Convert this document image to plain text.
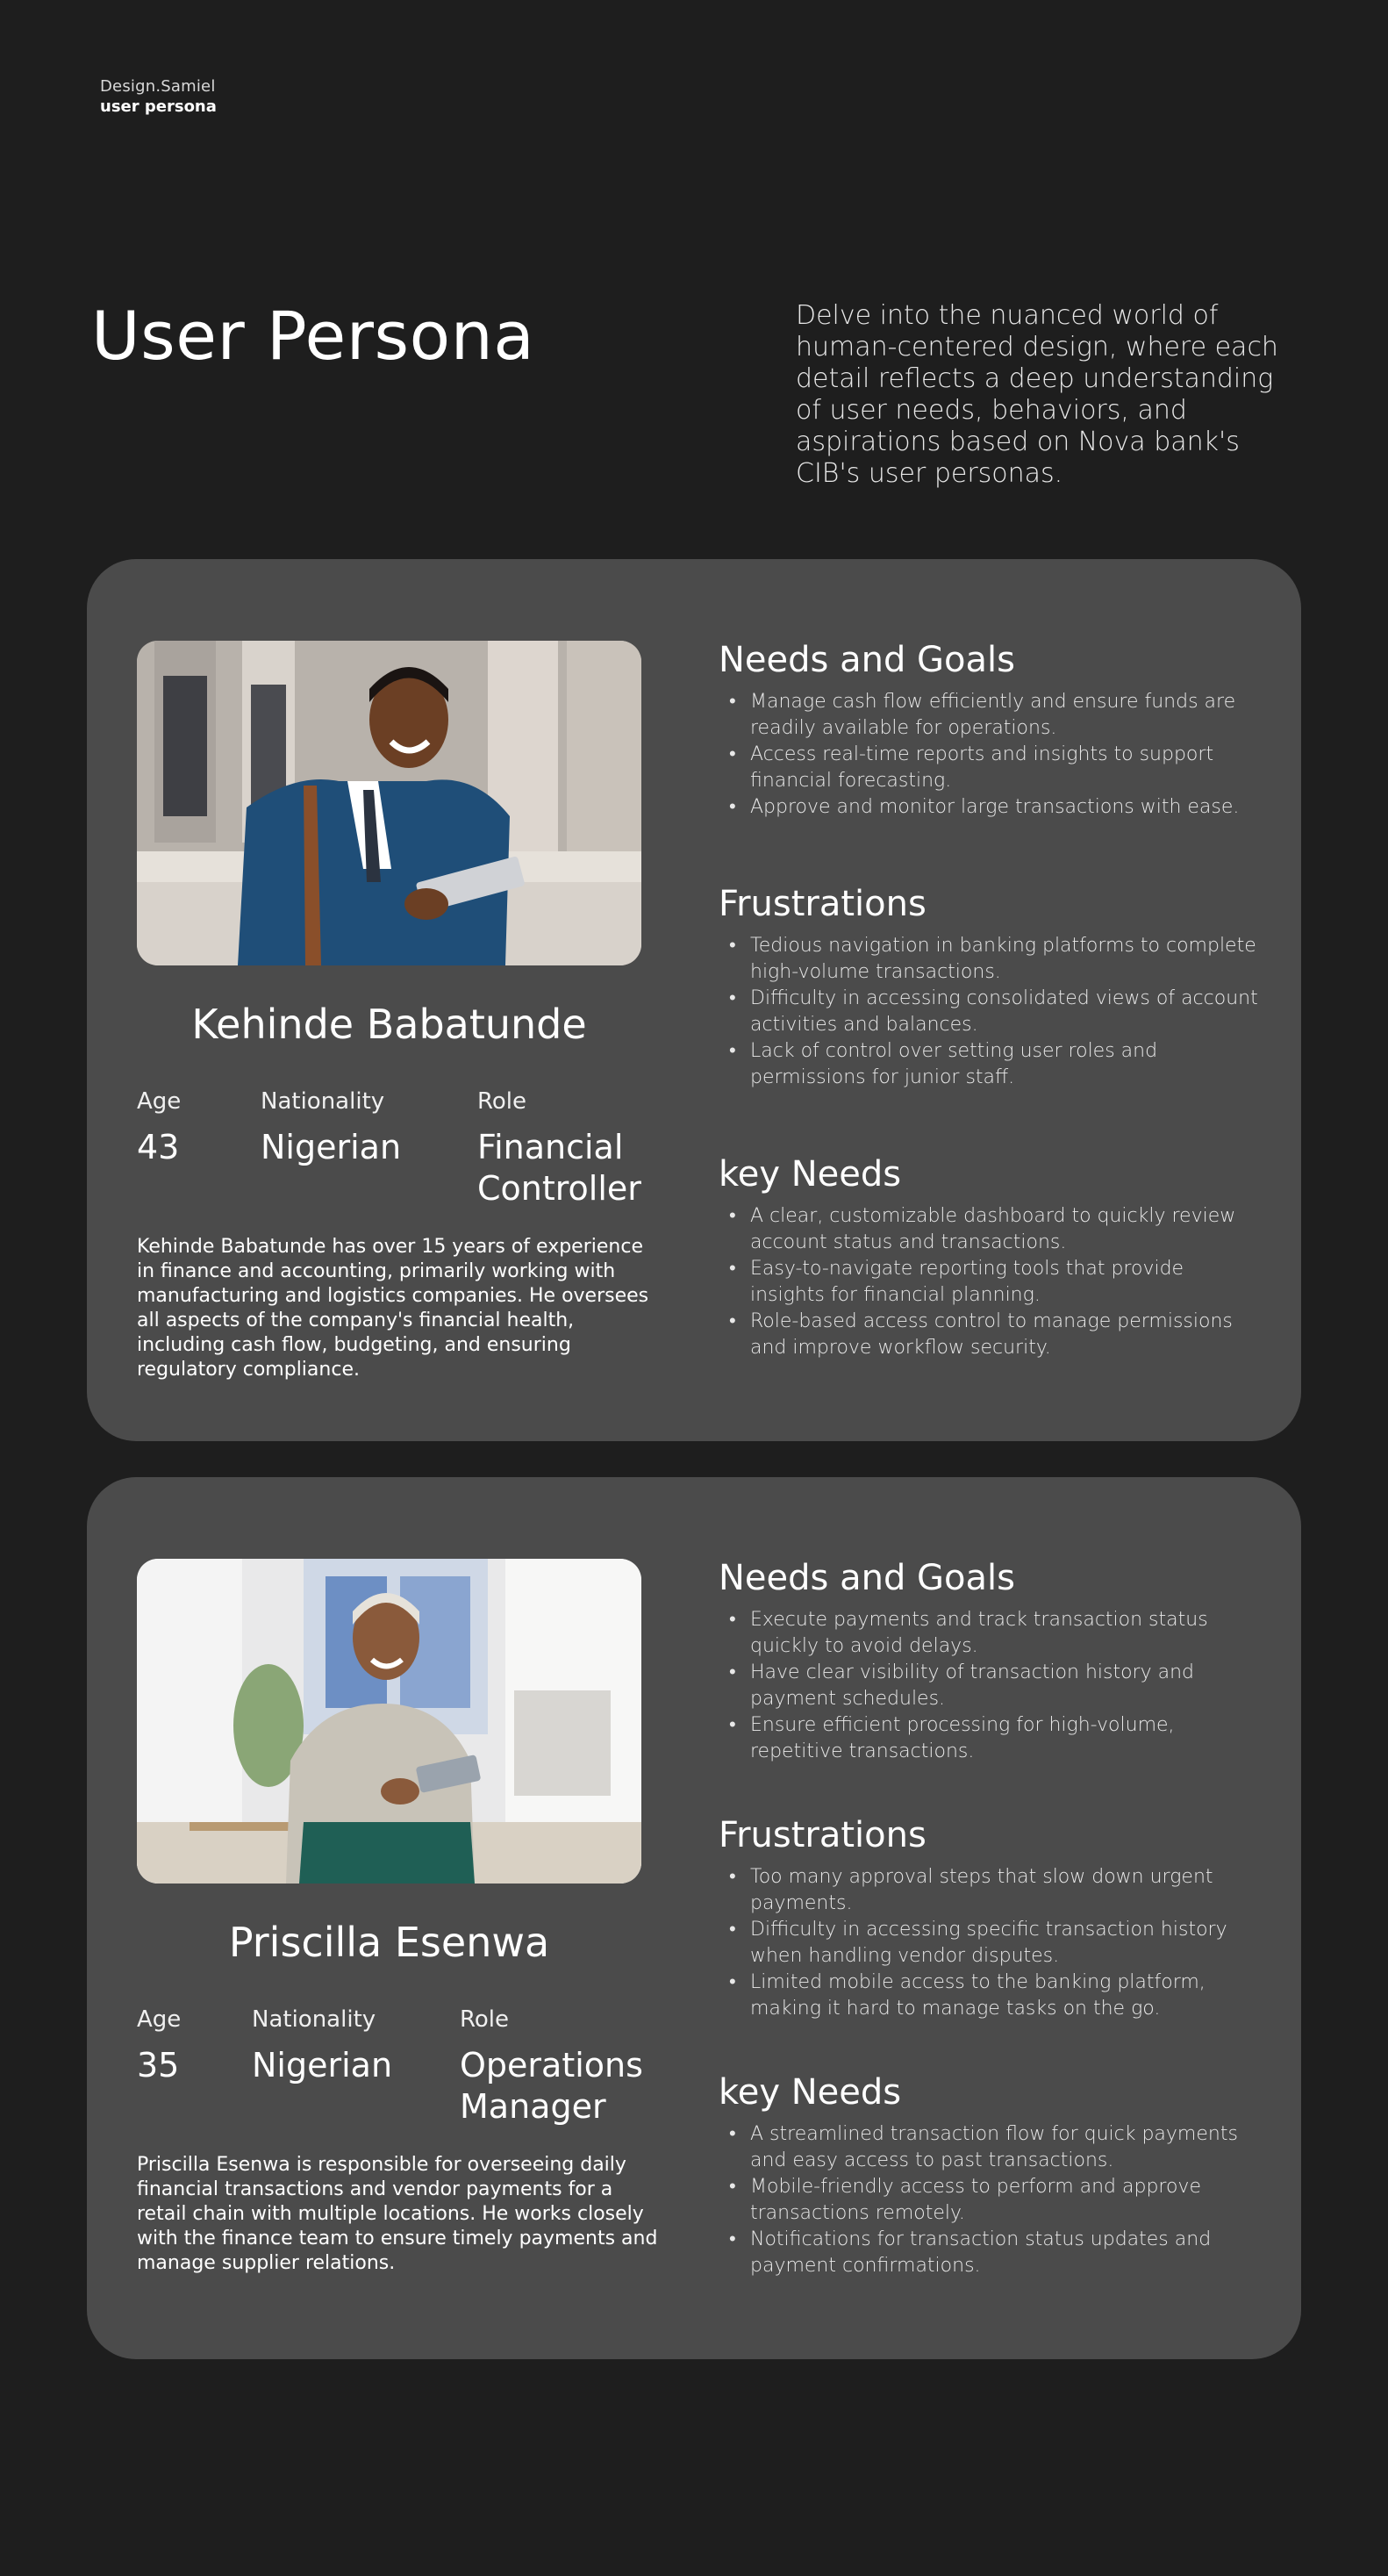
Design.Samiel
user persona
User Persona	Delve into the nuanced world of human-centered design, where each detail reflects a deep understanding of user needs, behaviors, and aspirations based on Nova bank's CIB's user personas.

Kehinde Babatunde
Age
43
Nationality
Nigerian
Role
Financial Controller

Kehinde Babatunde has over 15 years of experience in finance and accounting, primarily working with manufacturing and logistics companies. He oversees all aspects of the company's financial health, including cash flow, budgeting, and ensuring regulatory compliance.

Needs and Goals
• Manage cash flow efficiently and ensure funds are readily available for operations.
• Access real-time reports and insights to support financial forecasting.
• Approve and monitor large transactions with ease.
Frustrations
• Tedious navigation in banking platforms to complete high-volume transactions.
• Difficulty in accessing consolidated views of account activities and balances.
• Lack of control over setting user roles and permissions for junior staff.
key Needs
• A clear, customizable dashboard to quickly review account status and transactions.
• Easy-to-navigate reporting tools that provide insights for financial planning.
• Role-based access control to manage permissions and improve workflow security.
Priscilla Esenwa
Age
35
Nationality
Nigerian
Role
Operations Manager

Priscilla Esenwa is responsible for overseeing daily financial transactions and vendor payments for a retail chain with multiple locations. He works closely with the finance team to ensure timely payments and manage supplier relations.

Needs and Goals
• Execute payments and track transaction status quickly to avoid delays.
• Have clear visibility of transaction history and payment schedules.
• Ensure efficient processing for high-volume, repetitive transactions.
Frustrations
• Too many approval steps that slow down urgent payments.
• Difficulty in accessing specific transaction history when handling vendor disputes.
• Limited mobile access to the banking platform, making it hard to manage tasks on the go.
key Needs
• A streamlined transaction flow for quick payments and easy access to past transactions.
• Mobile-friendly access to perform and approve transactions remotely.
• Notifications for transaction status updates and payment confirmations.
